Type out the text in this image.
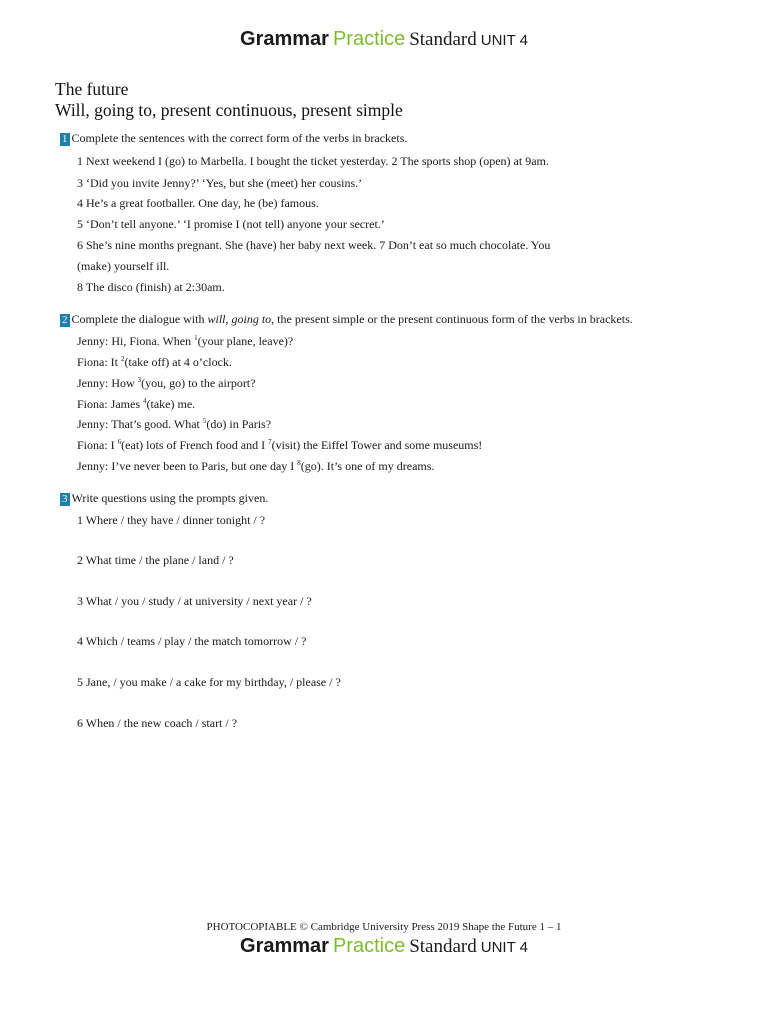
Grammar Practice Standard UNIT 4
The future
Will, going to, present continuous, present simple
1 Complete the sentences with the correct form of the verbs in brackets.
1 Next weekend I (go) to Marbella. I bought the ticket yesterday. 2 The sports shop (open) at 9am.
3 ‘Did you invite Jenny?’ ‘Yes, but she (meet) her cousins.’
4 He’s a great footballer. One day, he (be) famous.
5 ‘Don’t tell anyone.’ ‘I promise I (not tell) anyone your secret.’
6 She’s nine months pregnant. She (have) her baby next week. 7 Don’t eat so much chocolate. You
(make) yourself ill.
8 The disco (finish) at 2:30am.
2 Complete the dialogue with will, going to, the present simple or the present continuous form of the verbs in brackets.
Jenny: Hi, Fiona. When $^1$(your plane, leave)?
Fiona: It $^2$(take off) at 4 o’clock.
Jenny: How $^3$(you, go) to the airport?
Fiona: James $^4$(take) me.
Jenny: That’s good. What $^5$(do) in Paris?
Fiona: I $^6$(eat) lots of French food and I $^7$(visit) the Eiffel Tower and some museums!
Jenny: I’ve never been to Paris, but one day I $^8$(go). It’s one of my dreams.
3 Write questions using the prompts given.
1 Where / they have / dinner tonight / ?
2 What time / the plane / land / ?
3 What / you / study / at university / next year / ?
4 Which / teams / play / the match tomorrow / ?
5 Jane, / you make / a cake for my birthday, / please / ?
6 When / the new coach / start / ?
PHOTOCOPIABLE © Cambridge University Press 2019 Shape the Future 1 – 1
Grammar Practice Standard UNIT 4
